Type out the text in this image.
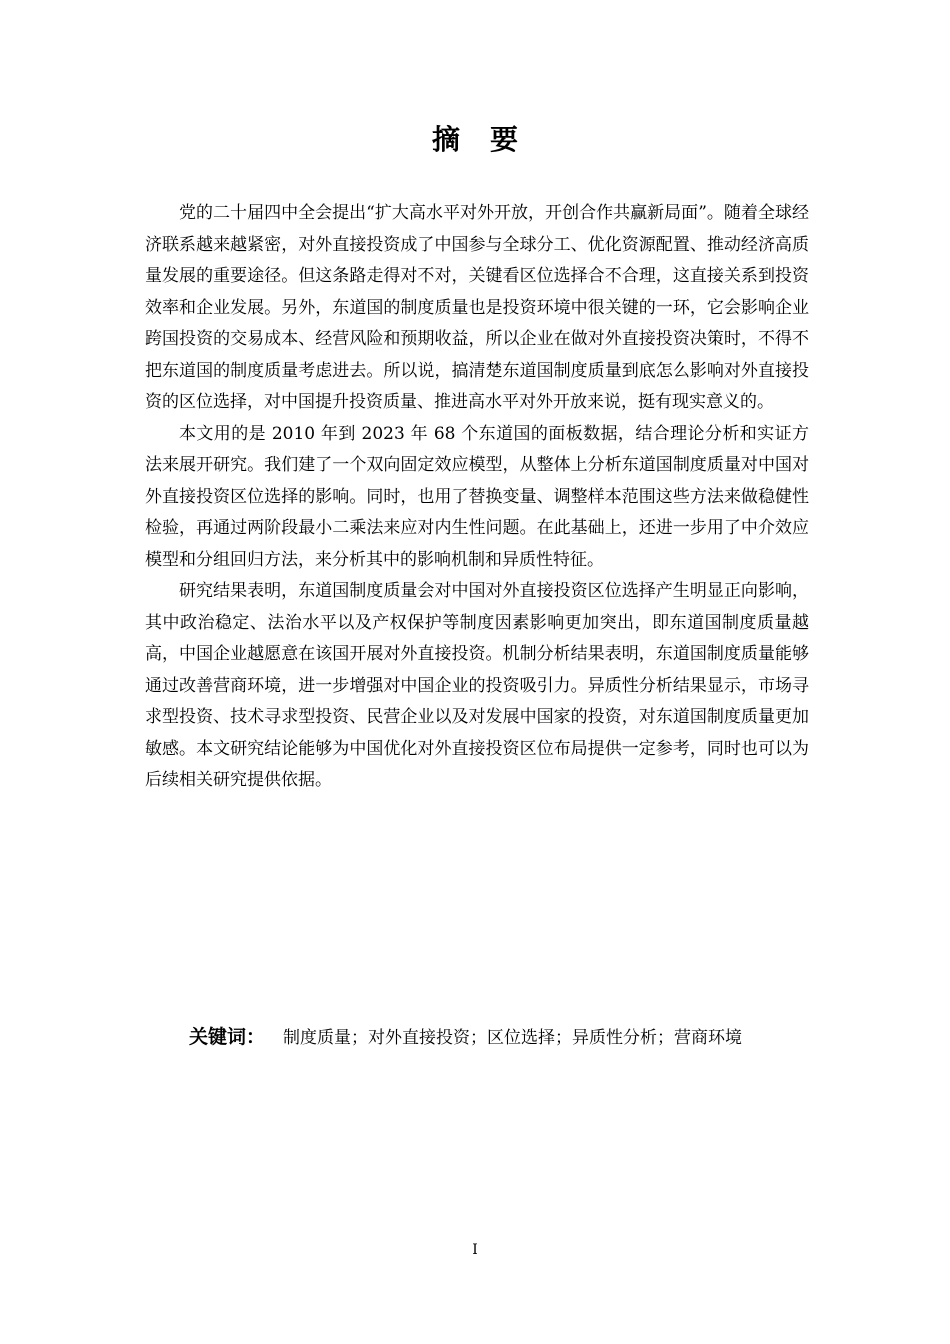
摘要

党的二十届四中全会提出“扩大高水平对外开放，开创合作共赢新局面”。随着全球经济联系越来越紧密，对外直接投资成了中国参与全球分工、优化资源配置、推动经济高质量发展的重要途径。但这条路走得对不对，关键看区位选择合不合理，这直接关系到投资效率和企业发展。另外，东道国的制度质量也是投资环境中很关键的一环，它会影响企业跨国投资的交易成本、经营风险和预期收益，所以企业在做对外直接投资决策时，不得不把东道国的制度质量考虑进去。所以说，搞清楚东道国制度质量到底怎么影响对外直接投资的区位选择，对中国提升投资质量、推进高水平对外开放来说，挺有现实意义的。

本文用的是 2010 年到 2023 年 68 个东道国的面板数据，结合理论分析和实证方法来展开研究。我们建了一个双向固定效应模型，从整体上分析东道国制度质量对中国对外直接投资区位选择的影响。同时，也用了替换变量、调整样本范围这些方法来做稳健性检验，再通过两阶段最小二乘法来应对内生性问题。在此基础上，还进一步用了中介效应模型和分组回归方法，来分析其中的影响机制和异质性特征。

研究结果表明，东道国制度质量会对中国对外直接投资区位选择产生明显正向影响，其中政治稳定、法治水平以及产权保护等制度因素影响更加突出，即东道国制度质量越高，中国企业越愿意在该国开展对外直接投资。机制分析结果表明，东道国制度质量能够通过改善营商环境，进一步增强对中国企业的投资吸引力。异质性分析结果显示，市场寻求型投资、技术寻求型投资、民营企业以及对发展中国家的投资，对东道国制度质量更加敏感。本文研究结论能够为中国优化对外直接投资区位布局提供一定参考，同时也可以为后续相关研究提供依据。

关键词： 制度质量；对外直接投资；区位选择；异质性分析；营商环境
I
